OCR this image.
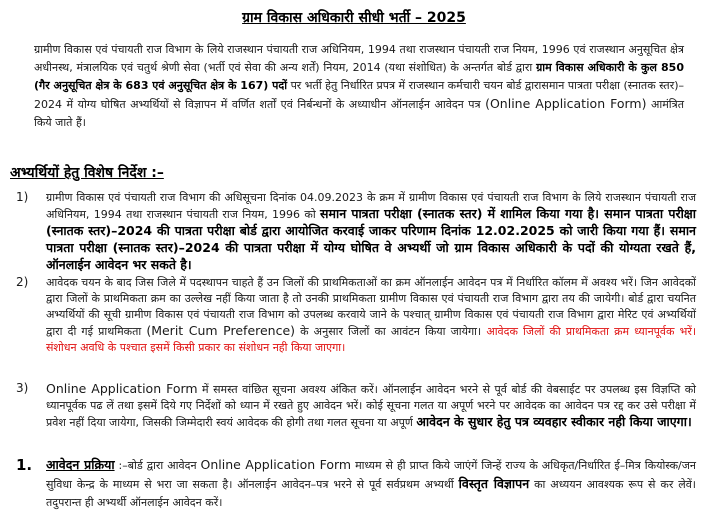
ग्राम विकास अधिकारी सीधी भर्ती – 2025

ग्रामीण विकास एवं पंचायती राज विभाग के लिये राजस्थान पंचायती राज अधिनियम, 1994 तथा राजस्थान पंचायती राज नियम, 1996 एवं राजस्थान अनुसूचित क्षेत्र अधीनस्थ, मंत्रालयिक एवं चतुर्थ श्रेणी सेवा (भर्ती एवं सेवा की अन्य शर्तें) नियम, 2014 (यथा संशोधित) के अन्तर्गत बोर्ड द्वारा ग्राम विकास अधिकारी के कुल 850 (गैर अनुसूचित क्षेत्र के 683 एवं अनुसूचित क्षेत्र के 167) पदों पर भर्ती हेतु निर्धारित प्रपत्र में राजस्थान कर्मचारी चयन बोर्ड द्वारासमान पात्रता परीक्षा (स्नातक स्तर)– 2024 में योग्य घोषित अभ्यर्थियों से विज्ञापन में वर्णित शर्तों एवं निर्बन्धनों के अध्याधीन ऑनलाईन आवेदन पत्र (Online Application Form) आमंत्रित किये जाते हैं।

अभ्यर्थियों हेतु विशेष निर्देश :–
1) ग्रामीण विकास एवं पंचायती राज विभाग की अधिसूचना दिनांक 04.09.2023 के क्रम में ग्रामीण विकास एवं पंचायती राज विभाग के लिये राजस्थान पंचायती राज अधिनियम, 1994 तथा राजस्थान पंचायती राज नियम, 1996 को समान पात्रता परीक्षा (स्नातक स्तर) में शामिल किया गया है। समान पात्रता परीक्षा (स्नातक स्तर)–2024 की पात्रता परीक्षा बोर्ड द्वारा आयोजित करवाई जाकर परिणाम दिनांक 12.02.2025 को जारी किया गया हैं। समान पात्रता परीक्षा (स्नातक स्तर)–2024 की पात्रता परीक्षा में योग्य घोषित वे अभ्यर्थी जो ग्राम विकास अधिकारी के पदों की योग्यता रखते हैं, ऑनलाईन आवेदन भर सकते है।

2) आवेदक चयन के बाद जिस जिले में पदस्थापन चाहते हैं उन जिलों की प्राथमिकताओं का क्रम ऑनलाईन आवेदन पत्र में निर्धारित कॉलम में अवश्य भरें। जिन आवेदकों द्वारा जिलों के प्राथमिकता क्रम का उल्लेख नहीं किया जाता है तो उनकी प्राथमिकता ग्रामीण विकास एवं पंचायती राज विभाग द्वारा तय की जायेगी। बोर्ड द्वारा चयनित अभ्यर्थियों की सूची ग्रामीण विकास एवं पंचायती राज विभाग को उपलब्ध करवाये जाने के पश्चात् ग्रामीण विकास एवं पंचायती राज विभाग द्वारा मेरिट एवं अभ्यर्थियों द्वारा दी गई प्राथमिकता (Merit Cum Preference) के अनुसार जिलों का आवंटन किया जायेगा। आवेदक जिलों की प्राथमिकता क्रम ध्यानपूर्वक भरें। संशोधन अवधि के पश्चात इसमें किसी प्रकार का संशोधन नही किया जाएगा।

3) Online Application Form में समस्त वांछित सूचना अवश्य अंकित करें। ऑनलाईन आवेदन भरने से पूर्व बोर्ड की वेबसाईट पर उपलब्ध इस विज्ञप्ति को ध्यानपूर्वक पढ लें तथा इसमें दिये गए निर्देशों को ध्यान में रखते हुए आवेदन भरें। कोई सूचना गलत या अपूर्ण भरने पर आवेदक का आवेदन पत्र रद्द कर उसे परीक्षा में प्रवेश नहीं दिया जायेगा, जिसकी जिम्मेदारी स्वयं आवेदक की होगी तथा गलत सूचना या अपूर्ण आवेदन के सुधार हेतु पत्र व्यवहार स्वीकार नही किया जाएगा।

1. आवेदन प्रक्रिया :–बोर्ड द्वारा आवेदन Online Application Form माध्यम से ही प्राप्त किये जाएंगें जिन्हें राज्य के अधिकृत/निर्धारित ई–मित्र कियोस्क/जन सुविधा केन्द्र के माध्यम से भरा जा सकता है। ऑनलाईन आवेदन–पत्र भरने से पूर्व सर्वप्रथम अभ्यर्थी विस्तृत विज्ञापन का अध्ययन आवश्यक रूप से कर लेवें। तदुपरान्त ही अभ्यर्थी ऑनलाईन आवेदन करें।
